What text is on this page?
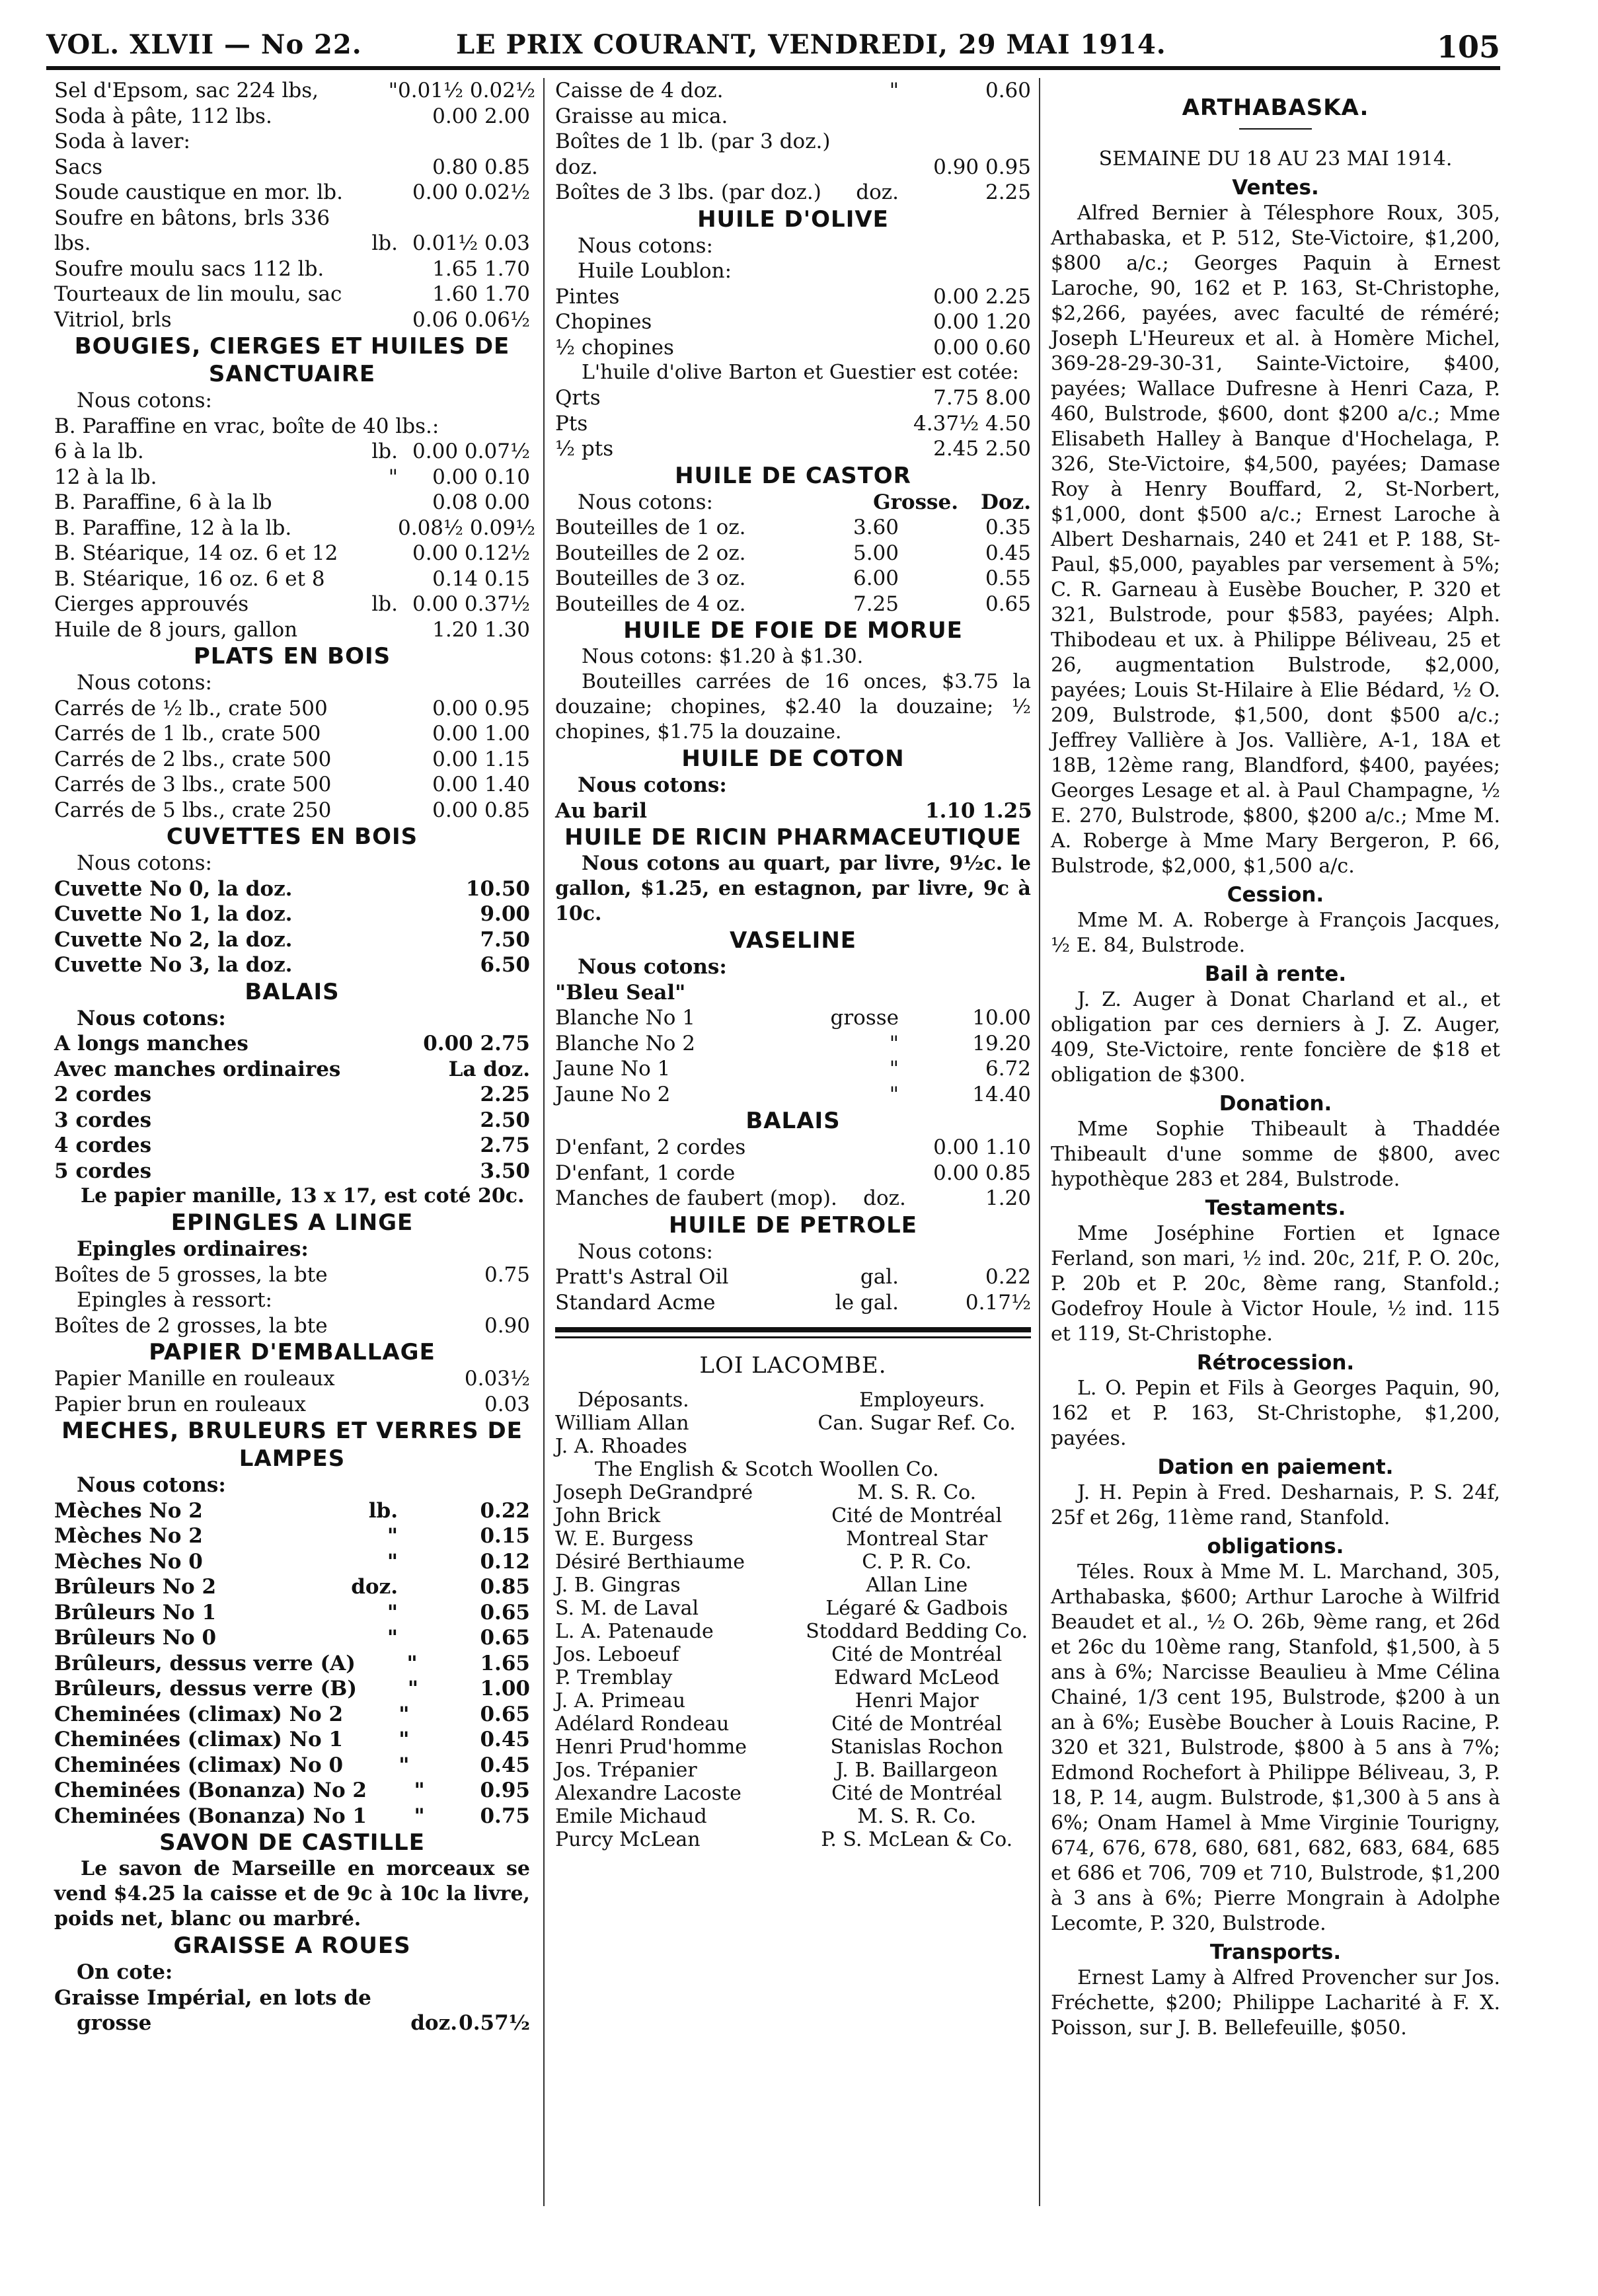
VOL. XLVII — No 22.	LE PRIX COURANT, VENDREDI, 29 MAI 1914.	105
Sel d'Epsom, sac 224 lbs,	" 0.01½ 0.02½
Soda à pâte, 112 lbs.	0.00 2.00
Soda à laver:
Sacs	0.80 0.85
Soude caustique en mor. lb.	0.00 0.02½
Soufre en bâtons, brls 336
lbs.	lb. 0.01½ 0.03
Soufre moulu sacs 112 lb.	1.65 1.70
Tourteaux de lin moulu, sac	1.60 1.70
Vitriol, brls	0.06 0.06½
BOUGIES, CIERGES ET HUILES DE SANCTUAIRE
Nous cotons:
B. Paraffine en vrac, boîte de 40 lbs.:
6 à la lb.	lb. 0.00 0.07½
12 à la lb.	"	0.00 0.10
B. Paraffine, 6 à la lb	0.08 0.00
B. Paraffine, 12 à la lb.	0.08½ 0.09½
B. Stéarique, 14 oz. 6 et 12	0.00 0.12½
B. Stéarique, 16 oz. 6 et 8	0.14 0.15
Cierges approuvés	lb. 0.00 0.37½
Huile de 8 jours, gallon	1.20 1.30
PLATS EN BOIS
Nous cotons:
Carrés de ½ lb., crate 500	0.00 0.95
Carrés de 1 lb., crate 500	0.00 1.00
Carrés de 2 lbs., crate 500	0.00 1.15
Carrés de 3 lbs., crate 500	0.00 1.40
Carrés de 5 lbs., crate 250	0.00 0.85
CUVETTES EN BOIS
Nous cotons:
Cuvette No 0, la doz.	10.50
Cuvette No 1, la doz.	9.00
Cuvette No 2, la doz.	7.50
Cuvette No 3, la doz.	6.50
BALAIS
Nous cotons:
A longs manches	0.00 2.75
Avec manches ordinaires	La doz.
2 cordes	2.25
3 cordes	2.50
4 cordes	2.75
5 cordes	3.50
Le papier manille, 13 x 17, est coté 20c.
EPINGLES A LINGE
Epingles ordinaires:
Boîtes de 5 grosses, la bte	0.75
Epingles à ressort:
Boîtes de 2 grosses, la bte	0.90
PAPIER D'EMBALLAGE
Papier Manille en rouleaux	0.03½
Papier brun en rouleaux	0.03
MECHES, BRULEURS ET VERRES DE LAMPES
Nous cotons:
Mèches No 2	lb.	0.22
Mèches No 2	"	0.15
Mèches No 0	"	0.12
Brûleurs No 2	doz.	0.85
Brûleurs No 1	"	0.65
Brûleurs No 0	"	0.65
Brûleurs, dessus verre (A)	"	1.65
Brûleurs, dessus verre (B)	"	1.00
Cheminées (climax) No 2	"	0.65
Cheminées (climax) No 1	"	0.45
Cheminées (climax) No 0	"	0.45
Cheminées (Bonanza) No 2	"	0.95
Cheminées (Bonanza) No 1	"	0.75
SAVON DE CASTILLE
Le savon de Marseille en morceaux se vend $4.25 la caisse et de 9c à 10c la livre, poids net, blanc ou marbré.
GRAISSE A ROUES
On cote:
Graisse Impérial, en lots de
grosse	doz. 0.57½
Caisse de 4 doz.	"	0.60
Graisse au mica.
Boîtes de 1 lb. (par 3 doz.)
doz.	0.90 0.95
Boîtes de 3 lbs. (par doz.)	doz.	2.25
HUILE D'OLIVE
Nous cotons:
Huile Loublon:
Pintes	0.00 2.25
Chopines	0.00 1.20
½ chopines	0.00 0.60
L'huile d'olive Barton et Guestier est cotée:
Qrts	7.75 8.00
Pts	4.37½ 4.50
½ pts	2.45 2.50
HUILE DE CASTOR
Nous cotons:	Grosse.	Doz.
Bouteilles de 1 oz.	3.60	0.35
Bouteilles de 2 oz.	5.00	0.45
Bouteilles de 3 oz.	6.00	0.55
Bouteilles de 4 oz.	7.25	0.65
HUILE DE FOIE DE MORUE
Nous cotons: $1.20 à $1.30.
Bouteilles carrées de 16 onces, $3.75 la douzaine; chopines, $2.40 la douzaine; ½ chopines, $1.75 la douzaine.
HUILE DE COTON
Nous cotons:
Au baril	1.10 1.25
HUILE DE RICIN PHARMACEUTIQUE
Nous cotons au quart, par livre, 9½c. le gallon, $1.25, en estagnon, par livre, 9c à 10c.
VASELINE
Nous cotons:
"Bleu Seal"
Blanche No 1	grosse	10.00
Blanche No 2	"	19.20
Jaune No 1	"	6.72
Jaune No 2	"	14.40
BALAIS
D'enfant, 2 cordes	0.00 1.10
D'enfant, 1 corde	0.00 0.85
Manches de faubert (mop).	doz.	1.20
HUILE DE PETROLE
Nous cotons:
Pratt's Astral Oil	gal.	0.22
Standard Acme	le gal.	0.17½
LOI LACOMBE.
Déposants.	Employeurs.
William Allan	Can. Sugar Ref. Co.
J. A. Rhoades
The English & Scotch Woollen Co.
Joseph DeGrandpré	M. S. R. Co.
John Brick	Cité de Montréal
W. E. Burgess	Montreal Star
Désiré Berthiaume	C. P. R. Co.
J. B. Gingras	Allan Line
S. M. de Laval	Légaré & Gadbois
L. A. Patenaude	Stoddard Bedding Co.
Jos. Leboeuf	Cité de Montréal
P. Tremblay	Edward McLeod
J. A. Primeau	Henri Major
Adélard Rondeau	Cité de Montréal
Henri Prud'homme	Stanislas Rochon
Jos. Trépanier	J. B. Baillargeon
Alexandre Lacoste	Cité de Montréal
Emile Michaud	M. S. R. Co.
Purcy McLean	P. S. McLean & Co.
ARTHABASKA.
SEMAINE DU 18 AU 23 MAI 1914.
Ventes.
Alfred Bernier à Télesphore Roux, 305, Arthabaska, et P. 512, Ste-Victoire, $1,200, $800 a/c.; Georges Paquin à Ernest Laroche, 90, 162 et P. 163, St-Christophe, $2,266, payées, avec faculté de réméré; Joseph L'Heureux et al. à Homère Michel, 369-28-29-30-31, Sainte-Victoire, $400, payées; Wallace Dufresne à Henri Caza, P. 460, Bulstrode, $600, dont $200 a/c.; Mme Elisabeth Halley à Banque d'Hochelaga, P. 326, Ste-Victoire, $4,500, payées; Damase Roy à Henry Bouffard, 2, St-Norbert, $1,000, dont $500 a/c.; Ernest Laroche à Albert Desharnais, 240 et 241 et P. 188, St-Paul, $5,000, payables par versement à 5%; C. R. Garneau à Eusèbe Boucher, P. 320 et 321, Bulstrode, pour $583, payées; Alph. Thibodeau et ux. à Philippe Béliveau, 25 et 26, augmentation Bulstrode, $2,000, payées; Louis St-Hilaire à Elie Bédard, ½ O. 209, Bulstrode, $1,500, dont $500 a/c.; Jeffrey Vallière à Jos. Vallière, A-1, 18A et 18B, 12ème rang, Blandford, $400, payées; Georges Lesage et al. à Paul Champagne, ½ E. 270, Bulstrode, $800, $200 a/c.; Mme M. A. Roberge à Mme Mary Bergeron, P. 66, Bulstrode, $2,000, $1,500 a/c.
Cession.
Mme M. A. Roberge à François Jacques, ½ E. 84, Bulstrode.
Bail à rente.
J. Z. Auger à Donat Charland et al., et obligation par ces derniers à J. Z. Auger, 409, Ste-Victoire, rente foncière de $18 et obligation de $300.
Donation.
Mme Sophie Thibeault à Thaddée Thibeault d'une somme de $800, avec hypothèque 283 et 284, Bulstrode.
Testaments.
Mme Joséphine Fortien et Ignace Ferland, son mari, ½ ind. 20c, 21f, P. O. 20c, P. 20b et P. 20c, 8ème rang, Stanfold.; Godefroy Houle à Victor Houle, ½ ind. 115 et 119, St-Christophe.
Rétrocession.
L. O. Pepin et Fils à Georges Paquin, 90, 162 et P. 163, St-Christophe, $1,200, payées.
Dation en paiement.
J. H. Pepin à Fred. Desharnais, P. S. 24f, 25f et 26g, 11ème rand, Stanfold.
obligations.
Téles. Roux à Mme M. L. Marchand, 305, Arthabaska, $600; Arthur Laroche à Wilfrid Beaudet et al., ½ O. 26b, 9ème rang, et 26d et 26c du 10ème rang, Stanfold, $1,500, à 5 ans à 6%; Narcisse Beaulieu à Mme Célina Chainé, 1/3 cent 195, Bulstrode, $200 à un an à 6%; Eusèbe Boucher à Louis Racine, P. 320 et 321, Bulstrode, $800 à 5 ans à 7%; Edmond Rochefort à Philippe Béliveau, 3, P. 18, P. 14, augm. Bulstrode, $1,300 à 5 ans à 6%; Onam Hamel à Mme Virginie Tourigny, 674, 676, 678, 680, 681, 682, 683, 684, 685 et 686 et 706, 709 et 710, Bulstrode, $1,200 à 3 ans à 6%; Pierre Mongrain à Adolphe Lecomte, P. 320, Bulstrode.
Transports.
Ernest Lamy à Alfred Provencher sur Jos. Fréchette, $200; Philippe Lacharité à F. X. Poisson, sur J. B. Bellefeuille, $050.
